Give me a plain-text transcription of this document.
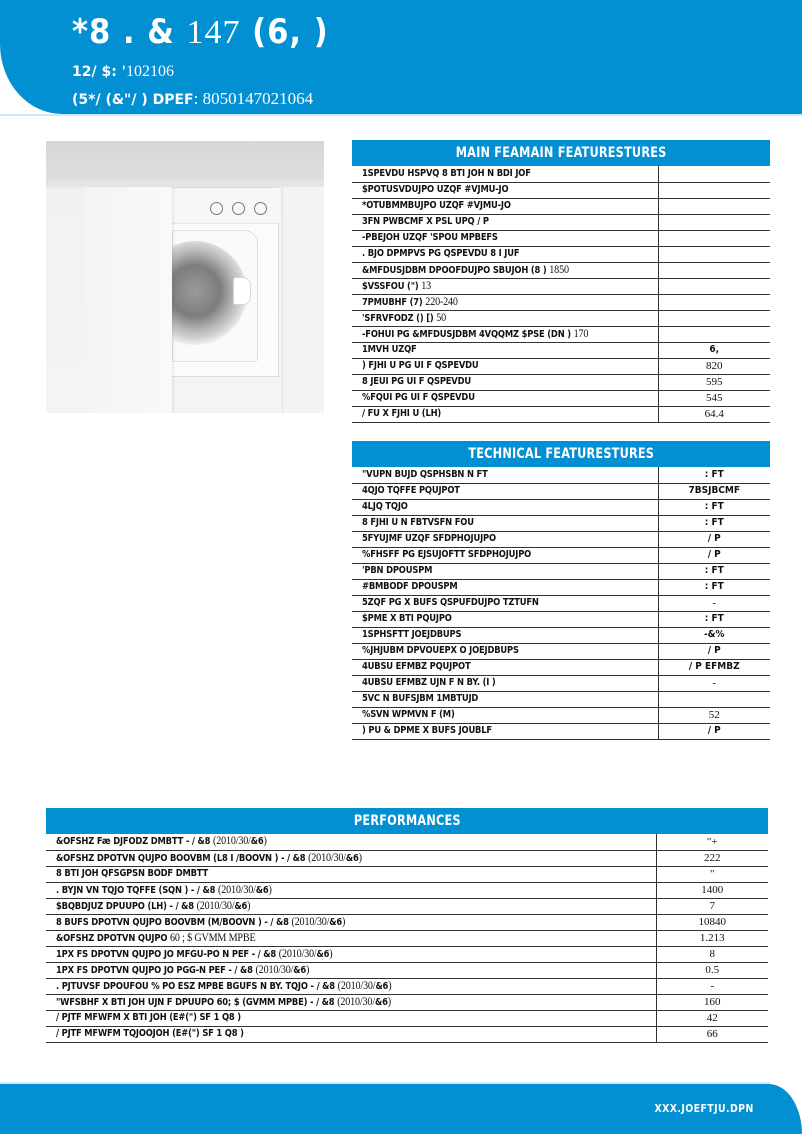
*8 . & 147 (6, )
12/ $: '102106
(5*/ (&"/ ) DPEF: 8050147021064
MAIN FEAMAIN FEATURESTURES
1SPEVDU HSPVQ 8 BTI JOH N BDI JOF	
$POTUSVDUJPO UZQF #VJMU-JO	
*OTUBMMBUJPO UZQF #VJMU-JO	
3FN PWBCMF X PSL UPQ / P	
-PBEJOH UZQF 'SPOU MPBEFS	
. BJO DPMPVS PG QSPEVDU 8 I JUF	
&MFDUSJDBM DPOOFDUJPO SBUJOH (8 ) 1850	
$VSSFOU (") 13	
7PMUBHF (7) 220-240	
'SFRVFODZ () [) 50	
-FOHUI PG &MFDUSJDBM 4VQQMZ $PSE (DN ) 170	
1MVH UZQF	6,
) FJHI U PG UI F QSPEVDU	820
8 JEUI PG UI F QSPEVDU	595
%FQUI PG UI F QSPEVDU	545
/ FU X FJHI U (LH)	64.4
TECHNICAL FEATURESTURES
"VUPN BUJD QSPHSBN N FT	: FT
4QJO TQFFE PQUJPOT	7BSJBCMF
4LJQ TQJO	: FT
8 FJHI U N FBTVSFN FOU	: FT
5FYUJMF UZQF SFDPHOJUJPO	/ P
%FHSFF PG EJSUJOFTT SFDPHOJUJPO	/ P
'PBN DPOUSPM	: FT
#BMBODF DPOUSPM	: FT
5ZQF PG X BUFS QSPUFDUJPO TZTUFN	-
$PME X BTI PQUJPO	: FT
1SPHSFTT JOEJDBUPS	-&%
%JHJUBM DPVOUEPX O JOEJDBUPS	/ P
4UBSU EFMBZ PQUJPOT	/ P EFMBZ
4UBSU EFMBZ UJN F N BY. (I )	-
5VC N BUFSJBM 1MBTUJD	
%SVN WPMVN F (M)	52
) PU & DPME X BUFS JOUBLF	/ P
PERFORMANCES
&OFSHZ Fæ DJFODZ DMBTT - / &8 (2010/30/&6)	"+
&OFSHZ DPOTVN QUJPO BOOVBM (L8 I /BOOVN ) - / &8 (2010/30/&6)	222
8 BTI JOH QFSGPSN BODF DMBTT	"
. BYJN VN TQJO TQFFE (SQN ) - / &8 (2010/30/&6)	1400
$BQBDJUZ DPUUPO (LH) - / &8 (2010/30/&6)	7
8 BUFS DPOTVN QUJPO BOOVBM (M/BOOVN ) - / &8 (2010/30/&6)	10840
&OFSHZ DPOTVN QUJPO 60 ; $ GVMM MPBE	1.213
1PX FS DPOTVN QUJPO JO MFGU-PO N PEF - / &8 (2010/30/&6)	8
1PX FS DPOTVN QUJPO JO PGG-N PEF - / &8 (2010/30/&6)	0.5
. PJTUVSF DPOUFOU % PO ESZ MPBE BGUFS N BY. TQJO - / &8 (2010/30/&6)	-
"WFSBHF X BTI JOH UJN F DPUUPO 60; $ (GVMM MPBE) - / &8 (2010/30/&6)	160
/ PJTF MFWFM X BTI JOH (E#(") SF 1 Q8 )	42
/ PJTF MFWFM TQJOOJOH (E#(") SF 1 Q8 )	66
XXX.JOEFTJU.DPN
